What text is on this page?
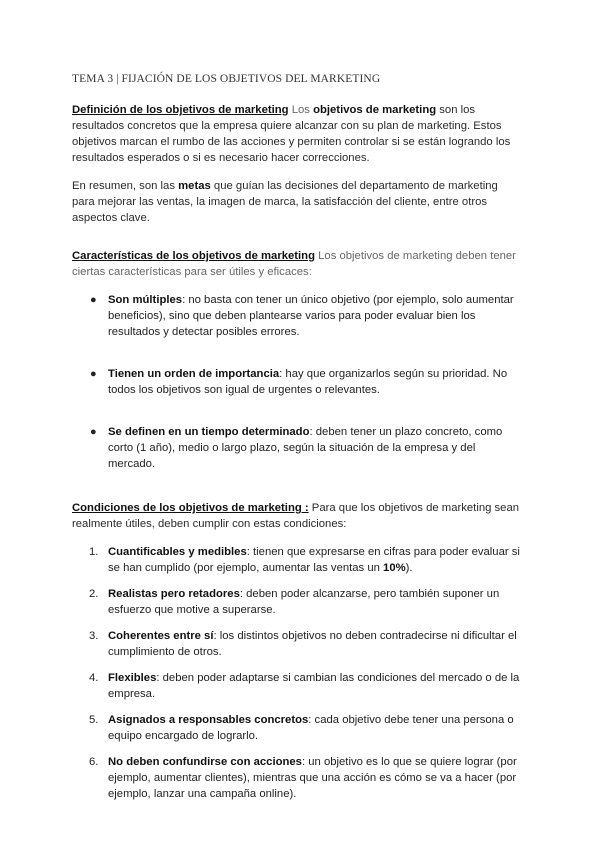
TEMA 3 | FIJACIÓN DE LOS OBJETIVOS DEL MARKETING

Definición de los objetivos de marketing Los objetivos de marketing son los resultados concretos que la empresa quiere alcanzar con su plan de marketing. Estos objetivos marcan el rumbo de las acciones y permiten controlar si se están logrando los resultados esperados o si es necesario hacer correcciones.

En resumen, son las metas que guían las decisiones del departamento de marketing para mejorar las ventas, la imagen de marca, la satisfacción del cliente, entre otros aspectos clave.

Características de los objetivos de marketing Los objetivos de marketing deben tener ciertas características para ser útiles y eficaces:

● Son múltiples: no basta con tener un único objetivo (por ejemplo, solo aumentar beneficios), sino que deben plantearse varios para poder evaluar bien los resultados y detectar posibles errores.
● Tienen un orden de importancia: hay que organizarlos según su prioridad. No todos los objetivos son igual de urgentes o relevantes.
● Se definen en un tiempo determinado: deben tener un plazo concreto, como corto (1 año), medio o largo plazo, según la situación de la empresa y del mercado.

Condiciones de los objetivos de marketing : Para que los objetivos de marketing sean realmente útiles, deben cumplir con estas condiciones:

1. Cuantificables y medibles: tienen que expresarse en cifras para poder evaluar si se han cumplido (por ejemplo, aumentar las ventas un 10%).
2. Realistas pero retadores: deben poder alcanzarse, pero también suponer un esfuerzo que motive a superarse.
3. Coherentes entre sí: los distintos objetivos no deben contradecirse ni dificultar el cumplimiento de otros.
4. Flexibles: deben poder adaptarse si cambian las condiciones del mercado o de la empresa.
5. Asignados a responsables concretos: cada objetivo debe tener una persona o equipo encargado de lograrlo.
6. No deben confundirse con acciones: un objetivo es lo que se quiere lograr (por ejemplo, aumentar clientes), mientras que una acción es cómo se va a hacer (por ejemplo, lanzar una campaña online).
